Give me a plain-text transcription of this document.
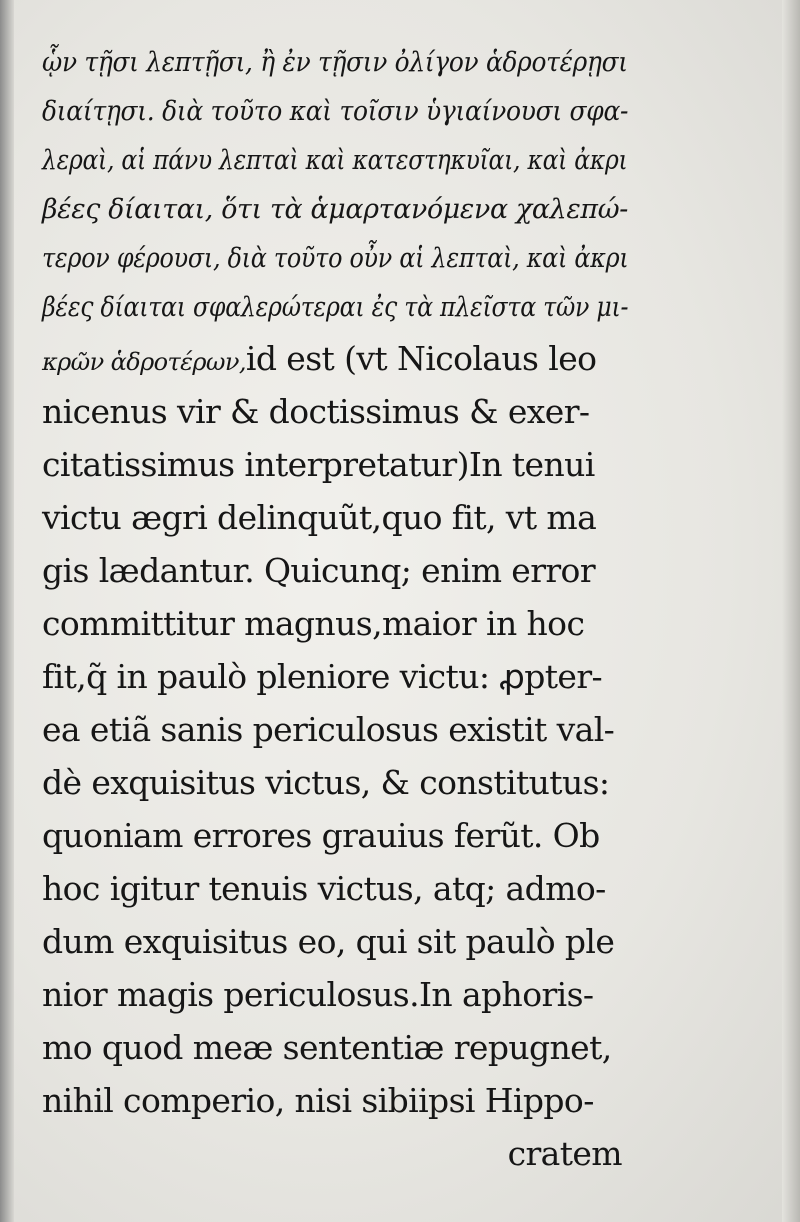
ᾧν τῇσι λεπτῇσι, ἢ ἐν τῇσιν ὀλίγον ἁδροτέρῃσι
διαίτῃσι. διὰ τοῦτο καὶ τοῖσιν ὑγιαίνουσι σφα-
λεραὶ, αἱ πάνυ λεπταὶ καὶ κατεστηκυῖαι, καὶ ἀκρι
βέες δίαιται, ὅτι τὰ ἁμαρτανόμενα χαλεπώ-
τερον φέρουσι, διὰ τοῦτο οὖν αἱ λεπταὶ, καὶ ἀκρι
βέες δίαιται σφαλερώτεραι ἐς τὰ πλεῖστα τῶν μι-
κρῶν ἁδροτέρων,id est (vt Nicolaus leo
nicenus vir & doctissimus & exer-
citatissimus interpretatur)In tenui
victu ægri delinquũt,quo fit, vt ma
gis lædantur. Quicunq; enim error
committitur magnus,maior in hoc
fit,q̃ in paulò pleniore victu: ꝓpter-
ea etiã sanis periculosus existit val-
dè exquisitus victus, & constitutus:
quoniam errores grauius ferũt. Ob
hoc igitur tenuis victus, atq; admo-
dum exquisitus eo, qui sit paulò ple
nior magis periculosus.In aphoris-
mo quod meæ sententiæ repugnet,
nihil comperio, nisi sibiipsi Hippo-
cratem
